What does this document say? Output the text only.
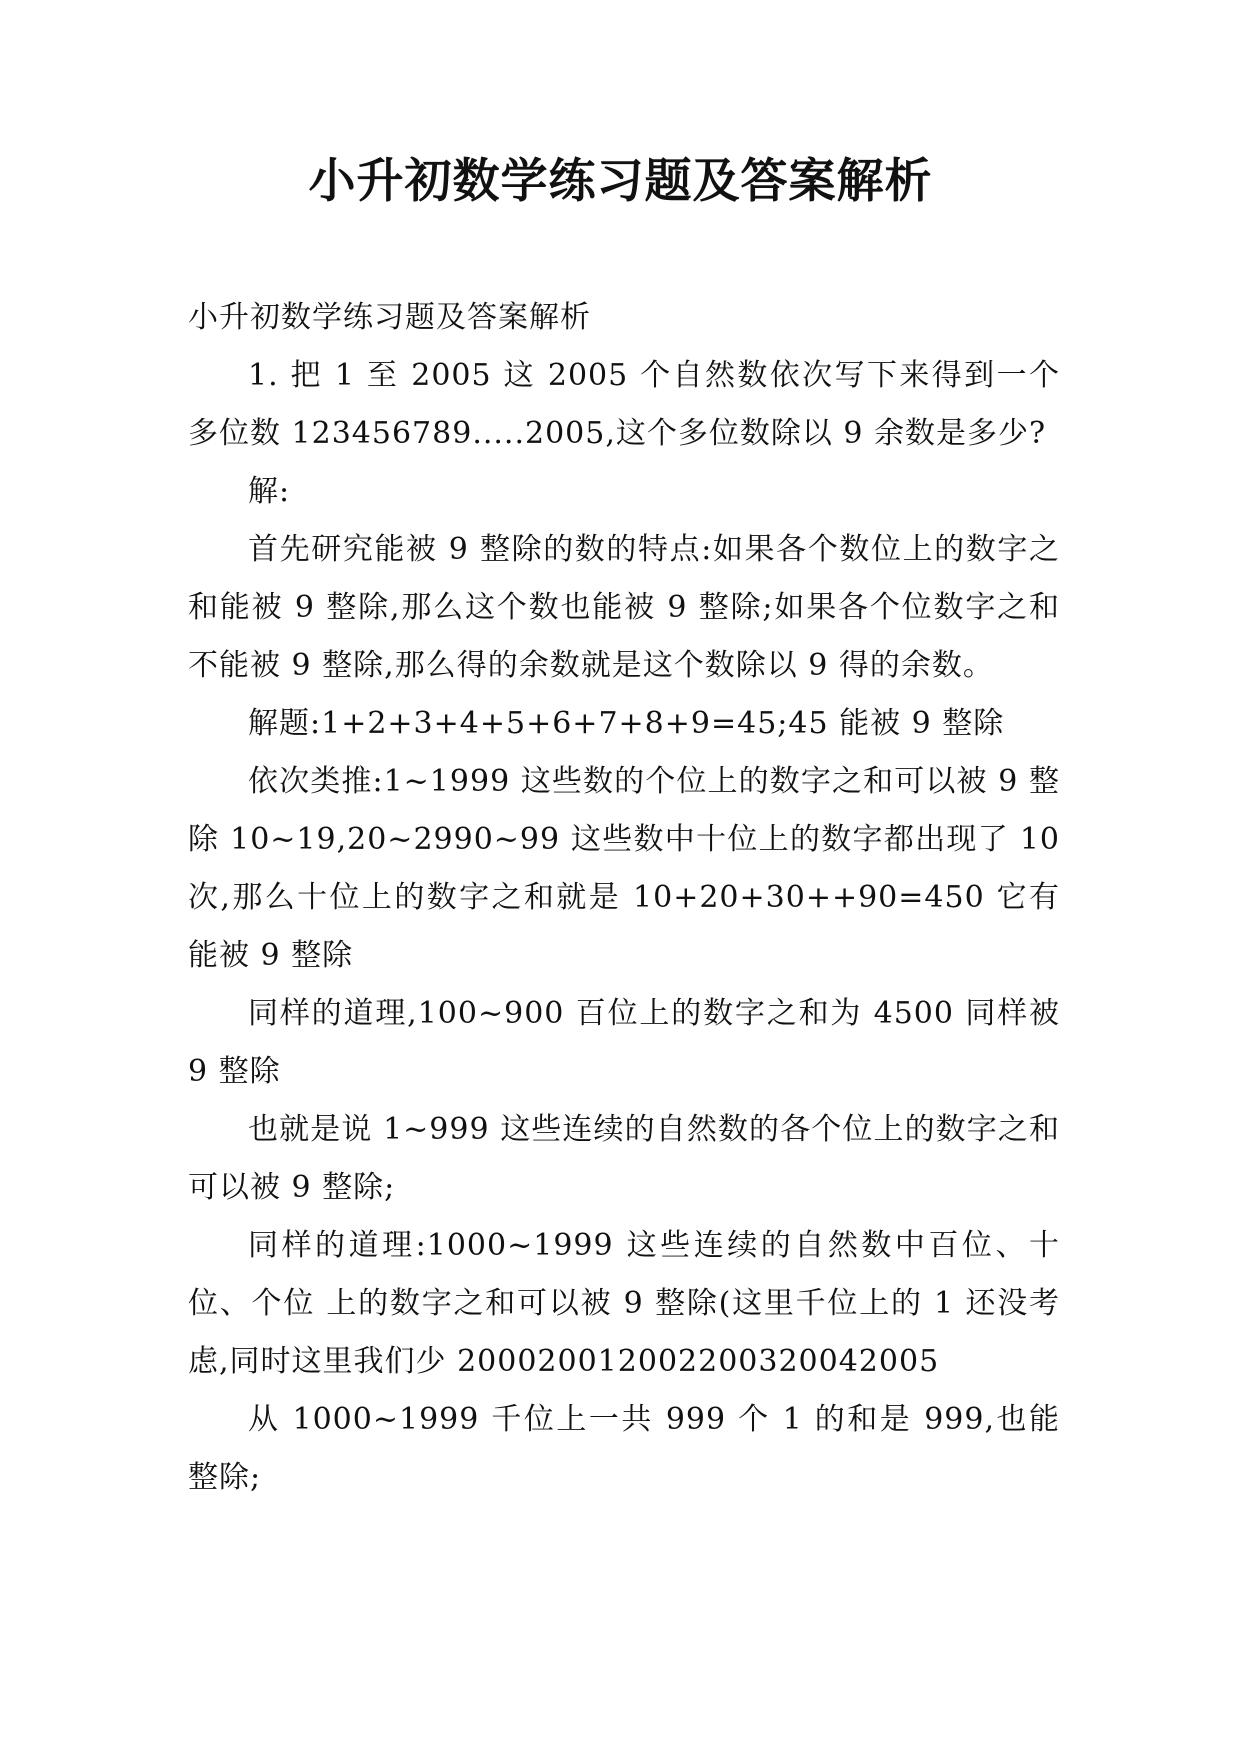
小升初数学练习题及答案解析

小升初数学练习题及答案解析

1. 把 1 至 2005 这 2005 个自然数依次写下来得到一个多位数 123456789.....2005,这个多位数除以 9 余数是多少?

解:

首先研究能被 9 整除的数的特点:如果各个数位上的数字之和能被 9 整除,那么这个数也能被 9 整除;如果各个位数字之和不能被 9 整除,那么得的余数就是这个数除以 9 得的余数。

解题:1+2+3+4+5+6+7+8+9=45;45 能被 9 整除

依次类推:1~1999 这些数的个位上的数字之和可以被 9 整除 10~19,20~2990~99 这些数中十位上的数字都出现了 10 次,那么十位上的数字之和就是 10+20+30++90=450 它有能被 9 整除

同样的道理,100~900 百位上的数字之和为 4500 同样被 9 整除

也就是说 1~999 这些连续的自然数的各个位上的数字之和可以被 9 整除;

同样的道理:1000~1999 这些连续的自然数中百位、十位、个位 上的数字之和可以被 9 整除(这里千位上的 1 还没考虑,同时这里我们少 2000200120022003200420​05

从 1000~1999 千位上一共 999 个 1 的和是 999,也能整除;
